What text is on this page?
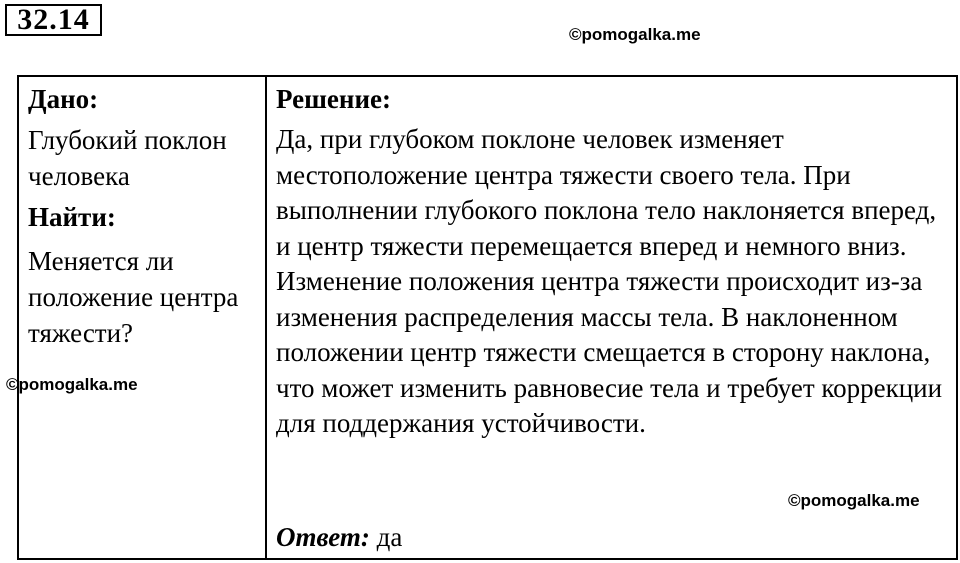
32.14	©pomogalka.me
Дано:
Глубокий поклон человека
Найти:
Меняется ли положение центра тяжести?
Решение:

Да, при глубоком поклоне человек изменяет местоположение центра тяжести своего тела. При выполнении глубокого поклона тело наклоняется вперед, и центр тяжести перемещается вперед и немного вниз.

Изменение положения центра тяжести происходит из-за изменения распределения массы тела. В наклоненном положении центр тяжести смещается в сторону наклона, что может изменить равновесие тела и требует коррекции для поддержания устойчивости.

Ответ: да
©pomogalka.me
©pomogalka.me
